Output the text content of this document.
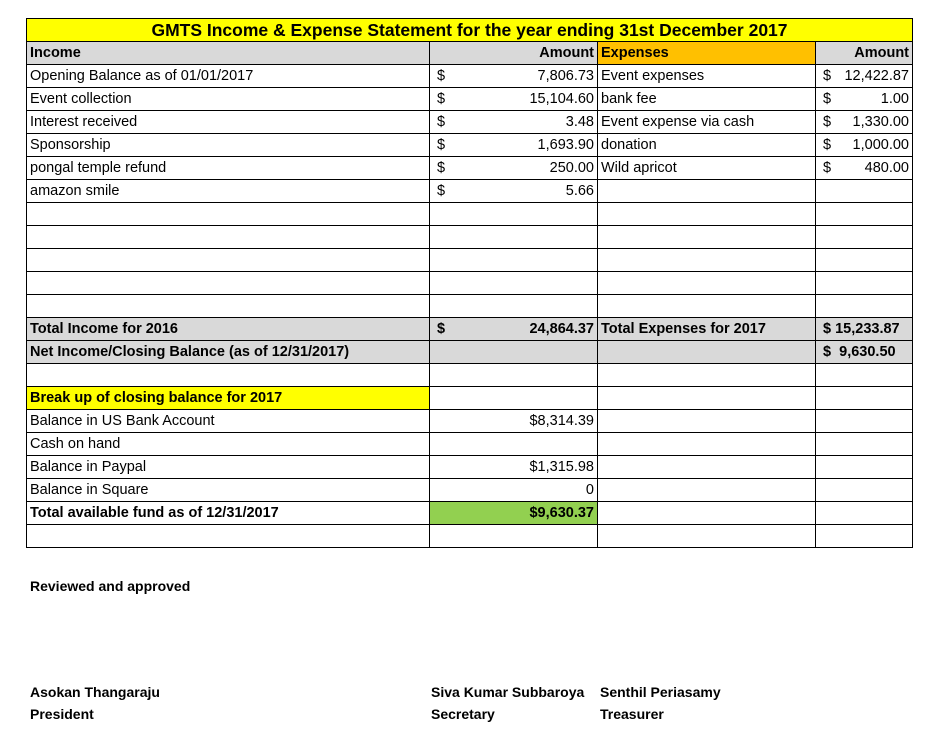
GMTS Income & Expense Statement for the year ending 31st December 2017			
Income	Amount	Expenses	Amount
Opening Balance as of 01/01/2017	$ 7,806.73	Event expenses	$ 12,422.87

Event collection	$ 15,104.60	bank fee	$ 1.00

Interest received	$ 3.48	Event expense via cash	$ 1,330.00

Sponsorship	$ 1,693.90	donation	$ 1,000.00

pongal temple refund	$ 250.00	Wild apricot	$ 480.00

amazon smile	$ 5.66		

Total Income for 2016	$ 24,864.37	Total Expenses for 2017	$ 15,233.87
Net Income/Closing Balance (as of 12/31/2017)			$ 9,630.50

Break up of closing balance for 2017			
Balance in US Bank Account	$8,314.39		
Cash on hand			
Balance in Paypal	$1,315.98		
Balance in Square	0		
Total available fund as of 12/31/2017	$9,630.37		

Reviewed and approved
Asokan Thangaraju
President
Siva Kumar Subbaroya
Secretary
Senthil Periasamy
Treasurer
